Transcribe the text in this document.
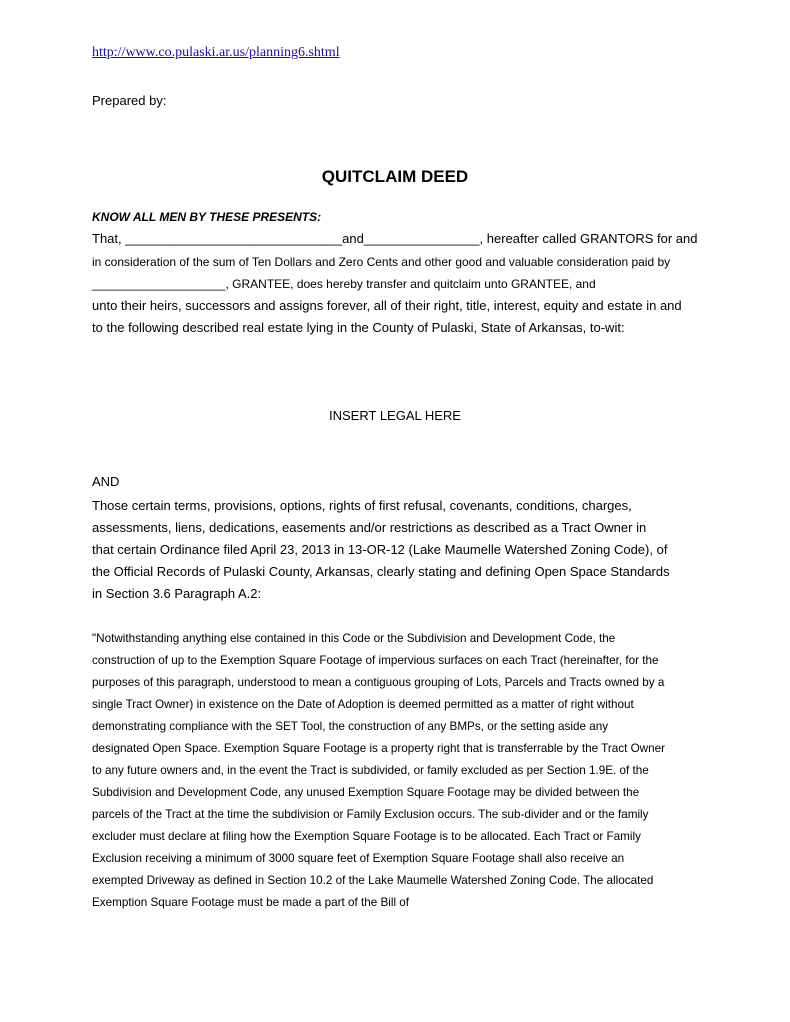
http://www.co.pulaski.ar.us/planning6.shtml
Prepared by:
QUITCLAIM DEED
KNOW ALL MEN BY THESE PRESENTS:
That, ______________________________and________________, hereafter called GRANTORS for and
in consideration of the sum of Ten Dollars and Zero Cents and other good and valuable consideration paid by
____________________, GRANTEE, does hereby transfer and quitclaim unto GRANTEE, and
unto their heirs, successors and assigns forever, all of their right, title, interest, equity and estate in and
to the following described real estate lying in the County of Pulaski, State of Arkansas, to-wit:
INSERT LEGAL HERE
AND
Those certain terms, provisions, options, rights of first refusal, covenants, conditions, charges,
assessments, liens, dedications, easements and/or restrictions as described as a Tract Owner in
that certain Ordinance filed April 23, 2013 in 13-OR-12 (Lake Maumelle Watershed Zoning Code), of
the Official Records of Pulaski County, Arkansas, clearly stating and defining Open Space Standards
in Section 3.6 Paragraph A.2:
"Notwithstanding anything else contained in this Code or the Subdivision and Development Code, the
construction of up to the Exemption Square Footage of impervious surfaces on each Tract (hereinafter, for the
purposes of this paragraph, understood to mean a contiguous grouping of Lots, Parcels and Tracts owned by a
single Tract Owner) in existence on the Date of Adoption is deemed permitted as a matter of right without
demonstrating compliance with the SET Tool, the construction of any BMPs, or the setting aside any
designated Open Space. Exemption Square Footage is a property right that is transferrable by the Tract Owner
to any future owners and, in the event the Tract is subdivided, or family excluded as per Section 1.9E. of the
Subdivision and Development Code, any unused Exemption Square Footage may be divided between the
parcels of the Tract at the time the subdivision or Family Exclusion occurs. The sub-divider and or the family
excluder must declare at filing how the Exemption Square Footage is to be allocated. Each Tract or Family
Exclusion receiving a minimum of 3000 square feet of Exemption Square Footage shall also receive an
exempted Driveway as defined in Section 10.2 of the Lake Maumelle Watershed Zoning Code. The allocated
Exemption Square Footage must be made a part of the Bill of
